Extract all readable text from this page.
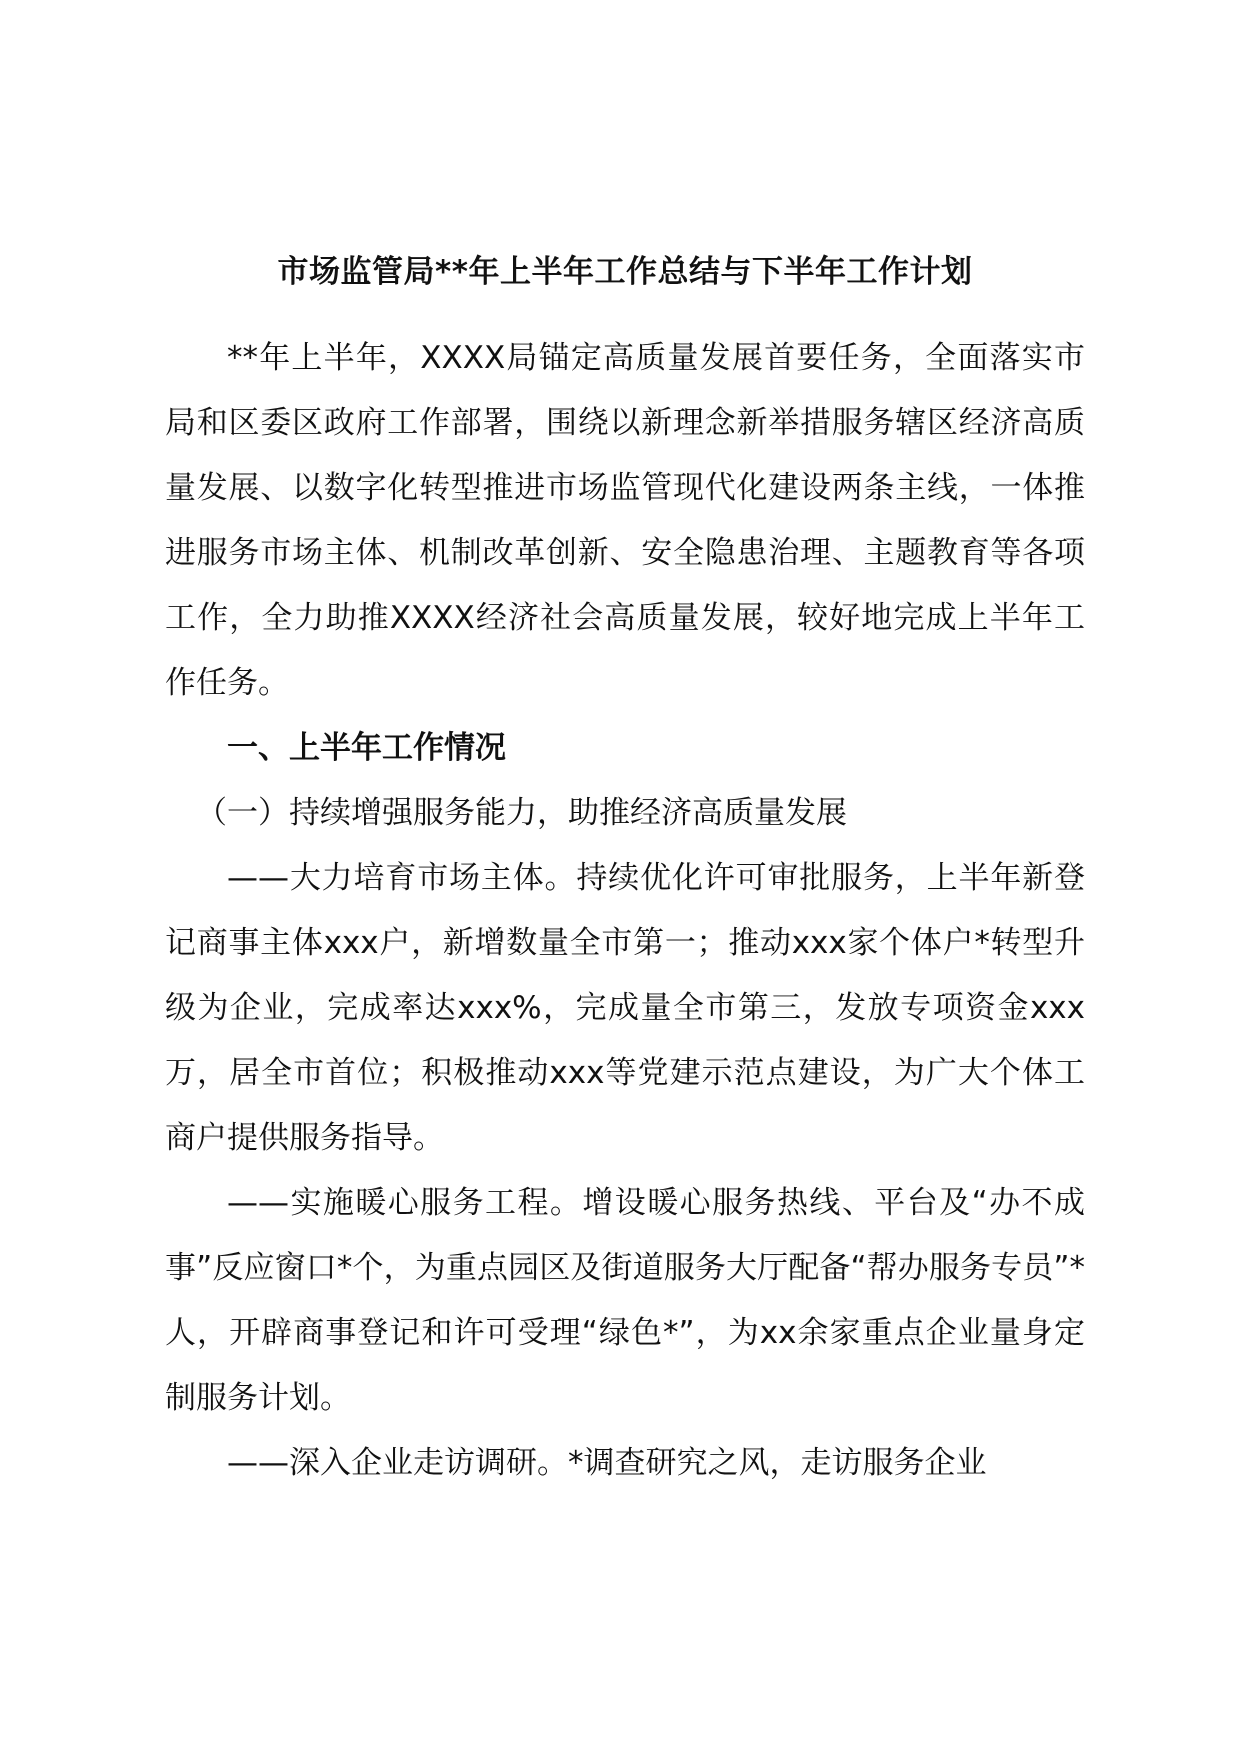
市场监管局**年上半年工作总结与下半年工作计划

**年上半年，XXXX局锚定高质量发展首要任务，全面落实市局和区委区政府工作部署，围绕以新理念新举措服务辖区经济高质量发展、以数字化转型推进市场监管现代化建设两条主线，一体推进服务市场主体、机制改革创新、安全隐患治理、主题教育等各项工作，全力助推XXXX经济社会高质量发展，较好地完成上半年工作任务。

一、上半年工作情况

（一）持续增强服务能力，助推经济高质量发展

——大力培育市场主体。持续优化许可审批服务，上半年新登记商事主体xxx户，新增数量全市第一；推动xxx家个体户*转型升级为企业，完成率达xxx%，完成量全市第三，发放专项资金xxx万，居全市首位；积极推动xxx等党建示范点建设，为广大个体工商户提供服务指导。

——实施暖心服务工程。增设暖心服务热线、平台及“办不成事”反应窗口*个，为重点园区及街道服务大厅配备“帮办服务专员”*人，开辟商事登记和许可受理“绿色*”，为xx余家重点企业量身定制服务计划。

——深入企业走访调研。*调查研究之风，走访服务企业
